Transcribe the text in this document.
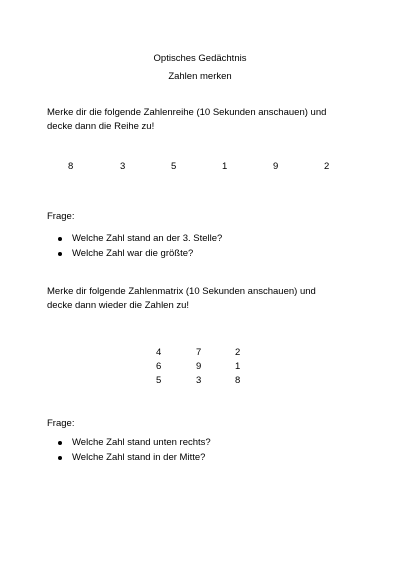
Optisches Gedächtnis
Zahlen merken
Merke dir die folgende Zahlenreihe (10 Sekunden anschauen) und
decke dann die Reihe zu!
8	3	5	1	9	2
Frage:
Welche Zahl stand an der 3. Stelle?
Welche Zahl war die größte?
Merke dir folgende Zahlenmatrix (10 Sekunden anschauen) und
decke dann wieder die Zahlen zu!
4	7	2
6	9	1
5	3	8
Frage:
Welche Zahl stand unten rechts?
Welche Zahl stand in der Mitte?
